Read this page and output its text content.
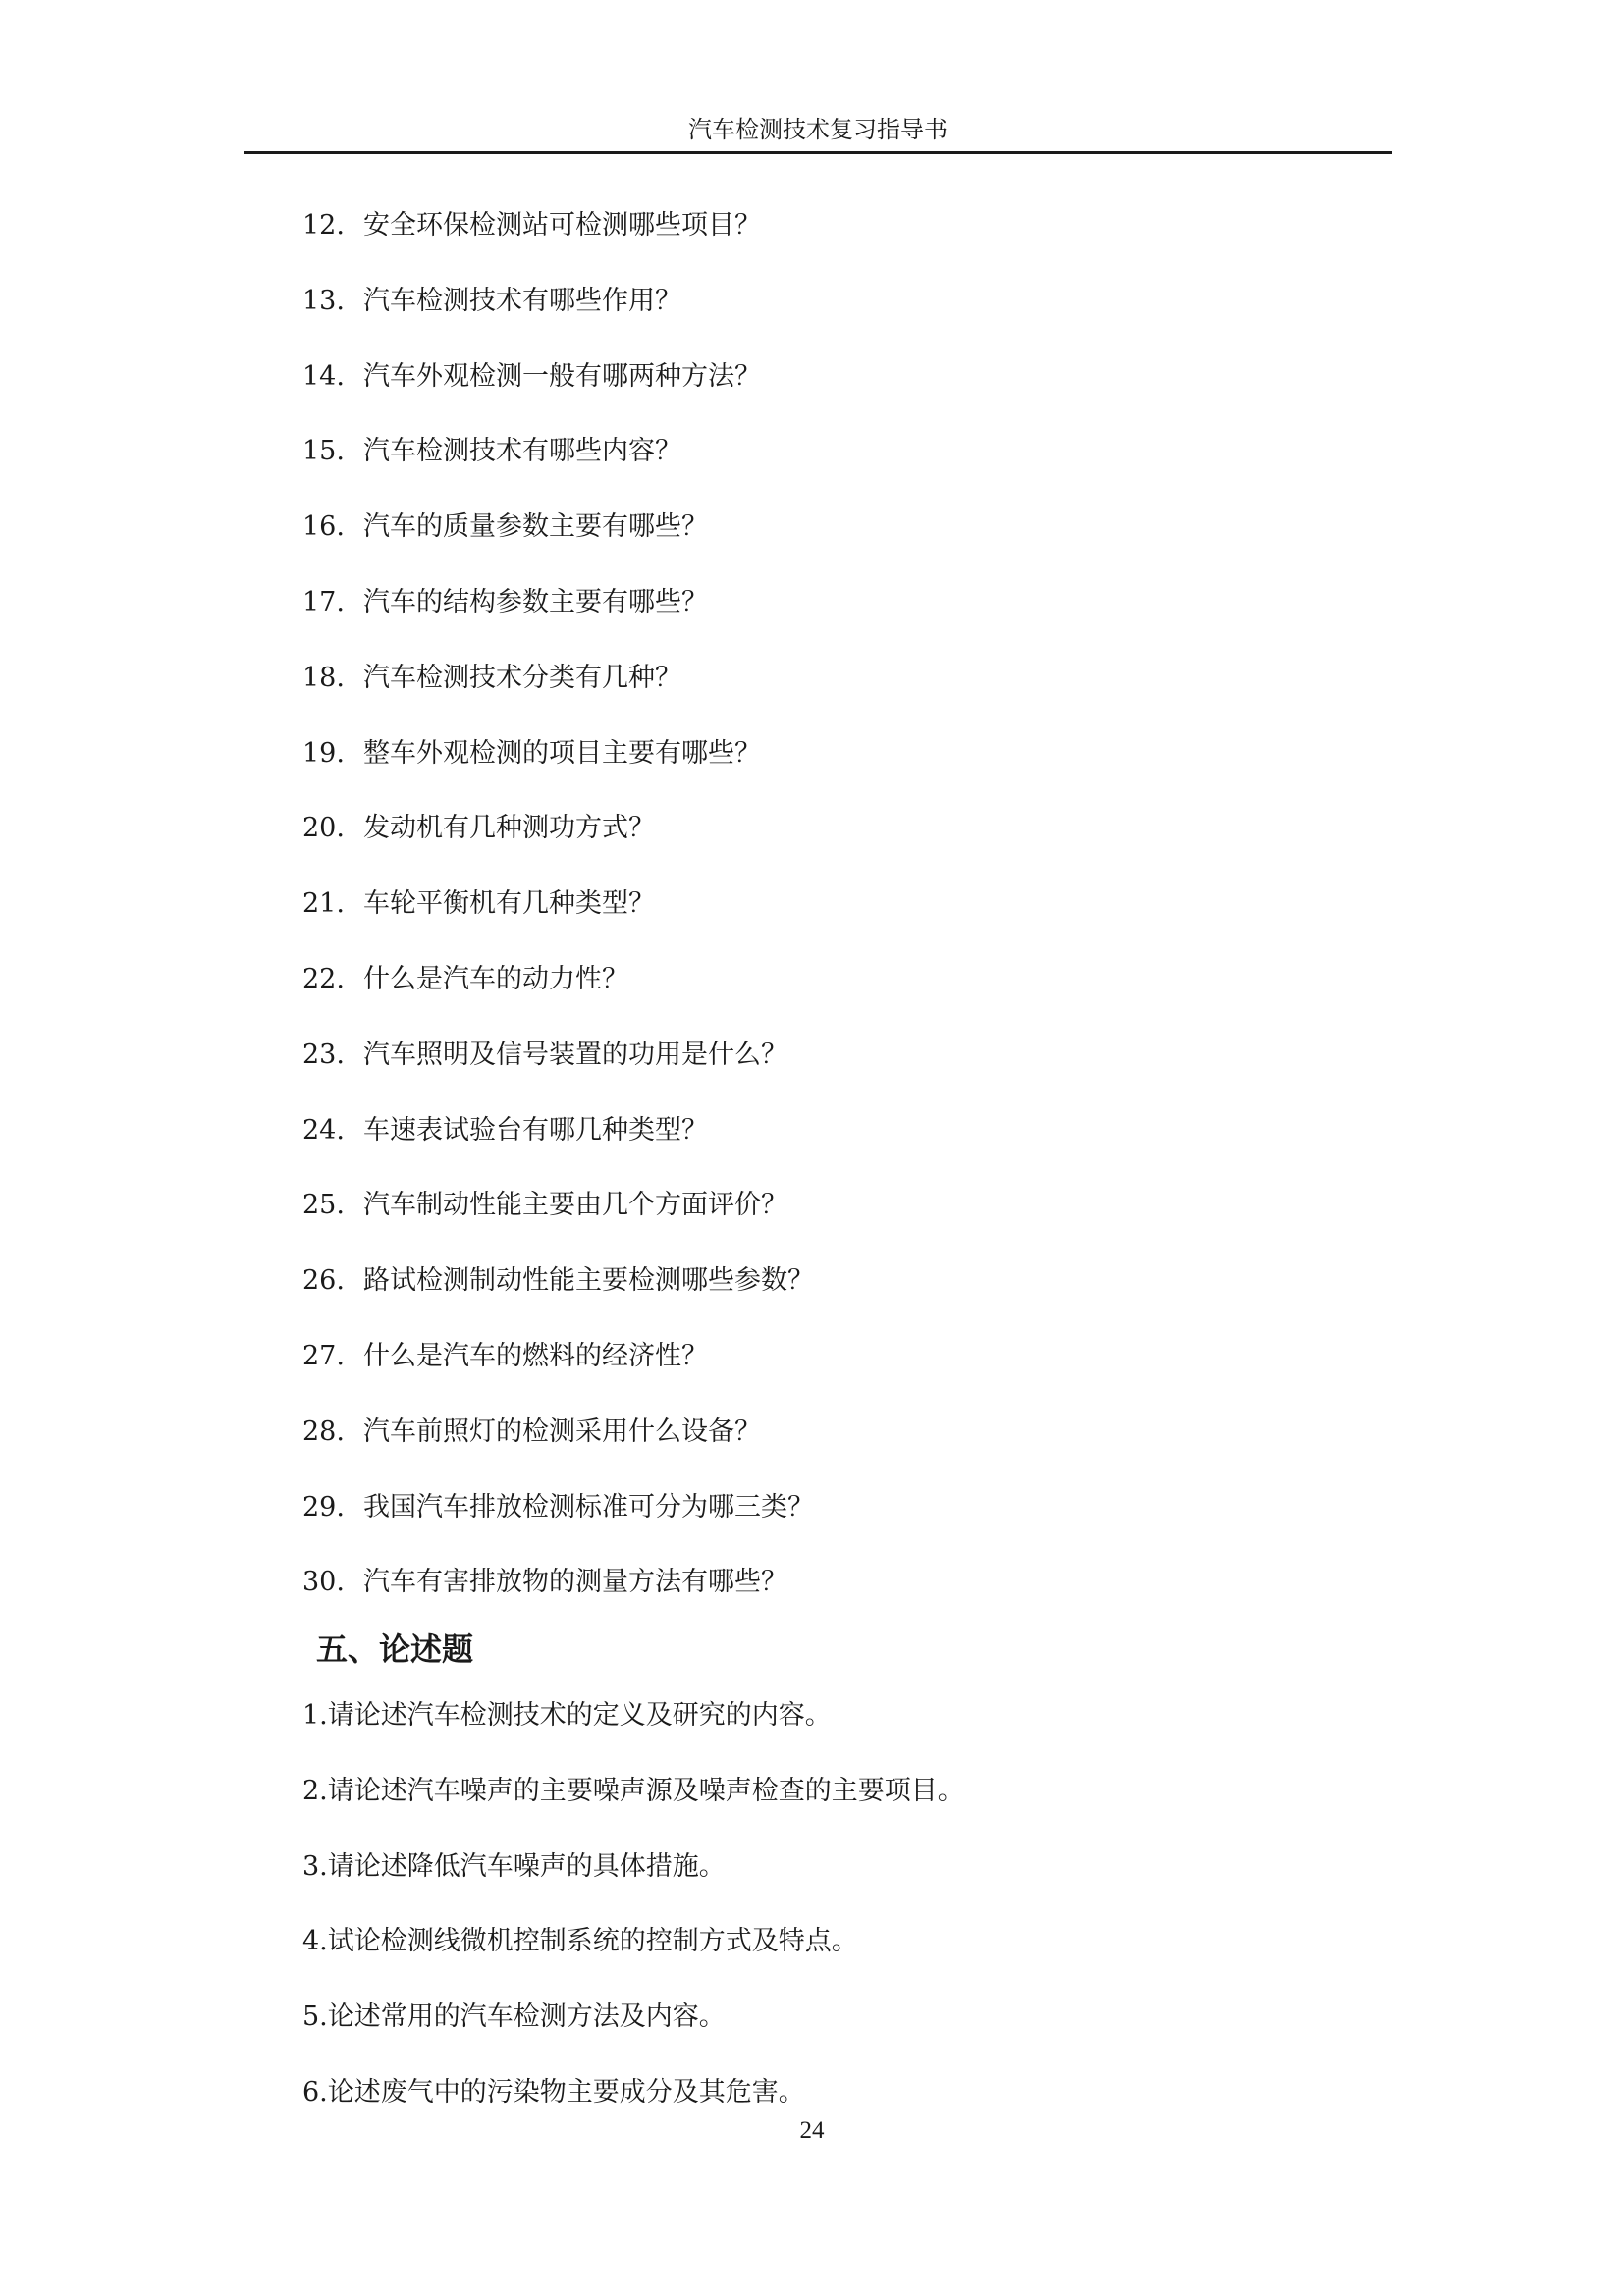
汽车检测技术复习指导书
12. 安全环保检测站可检测哪些项目？
13. 汽车检测技术有哪些作用？
14. 汽车外观检测一般有哪两种方法？
15. 汽车检测技术有哪些内容？
16. 汽车的质量参数主要有哪些？
17. 汽车的结构参数主要有哪些？
18. 汽车检测技术分类有几种？
19. 整车外观检测的项目主要有哪些？
20. 发动机有几种测功方式？
21. 车轮平衡机有几种类型？
22. 什么是汽车的动力性？
23. 汽车照明及信号装置的功用是什么？
24. 车速表试验台有哪几种类型？
25. 汽车制动性能主要由几个方面评价？
26. 路试检测制动性能主要检测哪些参数？
27. 什么是汽车的燃料的经济性？
28. 汽车前照灯的检测采用什么设备？
29. 我国汽车排放检测标准可分为哪三类？
30. 汽车有害排放物的测量方法有哪些？
五、论述题
1.请论述汽车检测技术的定义及研究的内容。
2.请论述汽车噪声的主要噪声源及噪声检查的主要项目。
3.请论述降低汽车噪声的具体措施。
4.试论检测线微机控制系统的控制方式及特点。
5.论述常用的汽车检测方法及内容。
6.论述废气中的污染物主要成分及其危害。
24
